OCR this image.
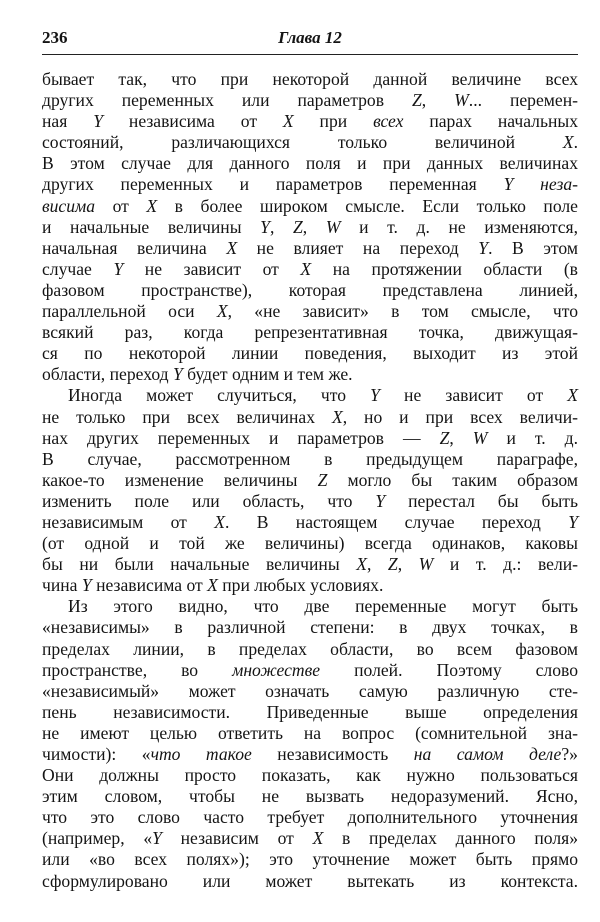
236	Глава 12
бывает так, что при некоторой данной величине всех
других переменных или параметров Z, W... перемен-
ная Y независима от X при всех парах начальных
состояний, различающихся только величиной X.
В этом случае для данного поля и при данных величинах
других переменных и параметров переменная Y неза-
висима от X в более широком смысле. Если только поле
и начальные величины Y, Z, W и т. д. не изменяются,
начальная величина X не влияет на переход Y. В этом
случае Y не зависит от X на протяжении области (в
фазовом пространстве), которая представлена линией,
параллельной оси X, «не зависит» в том смысле, что
всякий раз, когда репрезентативная точка, движущая-
ся по некоторой линии поведения, выходит из этой
области, переход Y будет одним и тем же.
Иногда может случиться, что Y не зависит от X
не только при всех величинах X, но и при всех величи-
нах других переменных и параметров — Z, W и т. д.
В случае, рассмотренном в предыдущем параграфе,
какое-то изменение величины Z могло бы таким образом
изменить поле или область, что Y перестал бы быть
независимым от X. В настоящем случае переход Y
(от одной и той же величины) всегда одинаков, каковы
бы ни были начальные величины X, Z, W и т. д.: вели-
чина Y независима от X при любых условиях.
Из этого видно, что две переменные могут быть
«независимы» в различной степени: в двух точках, в
пределах линии, в пределах области, во всем фазовом
пространстве, во множестве полей. Поэтому слово
«независимый» может означать самую различную сте-
пень независимости. Приведенные выше определения
не имеют целью ответить на вопрос (сомнительной зна-
чимости): «что такое независимость на самом деле?»
Они должны просто показать, как нужно пользоваться
этим словом, чтобы не вызвать недоразумений. Ясно,
что это слово часто требует дополнительного уточнения
(например, «Y независим от X в пределах данного поля»
или «во всех полях»); это уточнение может быть прямо
сформулировано или может вытекать из контекста.
